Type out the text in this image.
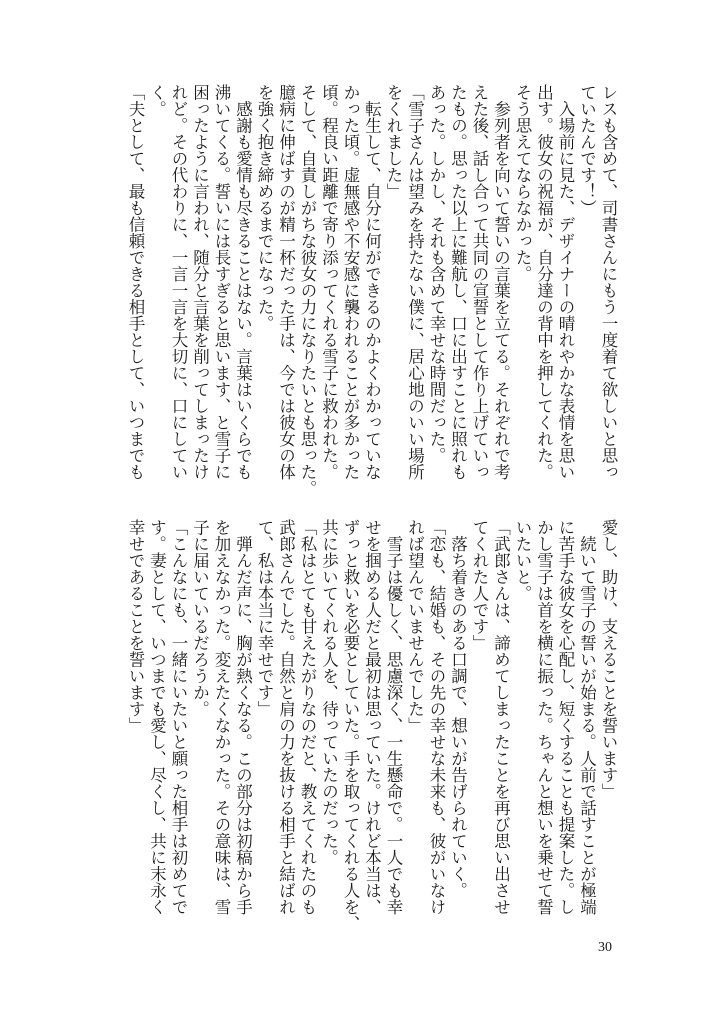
レスも含めて、司書さんにもう一度着て欲しいと思っ
ていたんです！）
　入場前に見た、デザイナーの晴れやかな表情を思い
出す。彼女の祝福が、自分達の背中を押してくれた。
そう思えてならなかった。
　参列者を向いて誓いの言葉を立てる。それぞれで考
えた後、話し合って共同の宣誓として作り上げていっ
たもの。思った以上に難航し、口に出すことに照れも
あった。しかし、それも含めて幸せな時間だった。
「雪子さんは望みを持たない僕に、居心地のいい場所
をくれました」
　転生して、自分に何ができるのかよくわかっていな
かった頃。虚無感や不安感に襲われることが多かった
頃。程良い距離で寄り添ってくれる雪子に救われた。
そして、自責しがちな彼女の力になりたいとも思った。
臆病に伸ばすのが精一杯だった手は、今では彼女の体
を強く抱き締めるまでになった。
　感謝も愛情も尽きることはない。言葉はいくらでも
沸いてくる。誓いには長すぎると思います、と雪子に
困ったように言われ、随分と言葉を削ってしまったけ
れど。その代わりに、一言一言を大切に、口にしてい
く。
「夫として、最も信頼できる相手として、いつまでも
愛し、助け、支えることを誓います」
　続いて雪子の誓いが始まる。人前で話すことが極端
に苦手な彼女を心配し、短くすることも提案した。し
かし雪子は首を横に振った。ちゃんと想いを乗せて誓
いたいと。
「武郎さんは、諦めてしまったことを再び思い出させ
てくれた人です」
　落ち着きのある口調で、想いが告げられていく。
「恋も、結婚も、その先の幸せな未来も、彼がいなけ
れば望んでいませんでした」
　雪子は優しく、思慮深く、一生懸命で。一人でも幸
せを掴める人だと最初は思っていた。けれど本当は、
ずっと救いを必要としていた。手を取ってくれる人を、
共に歩いてくれる人を、待っていたのだった。
「私はとても甘えたがりなのだと、教えてくれたのも
武郎さんでした。自然と肩の力を抜ける相手と結ばれ
て、私は本当に幸せです」
　弾んだ声に、胸が熱くなる。この部分は初稿から手
を加えなかった。変えたくなかった。その意味は、雪
子に届いているだろうか。
「こんなにも、一緒にいたいと願った相手は初めてで
す。妻として、いつまでも愛し、尽くし、共に末永く
幸せであることを誓います」
30
